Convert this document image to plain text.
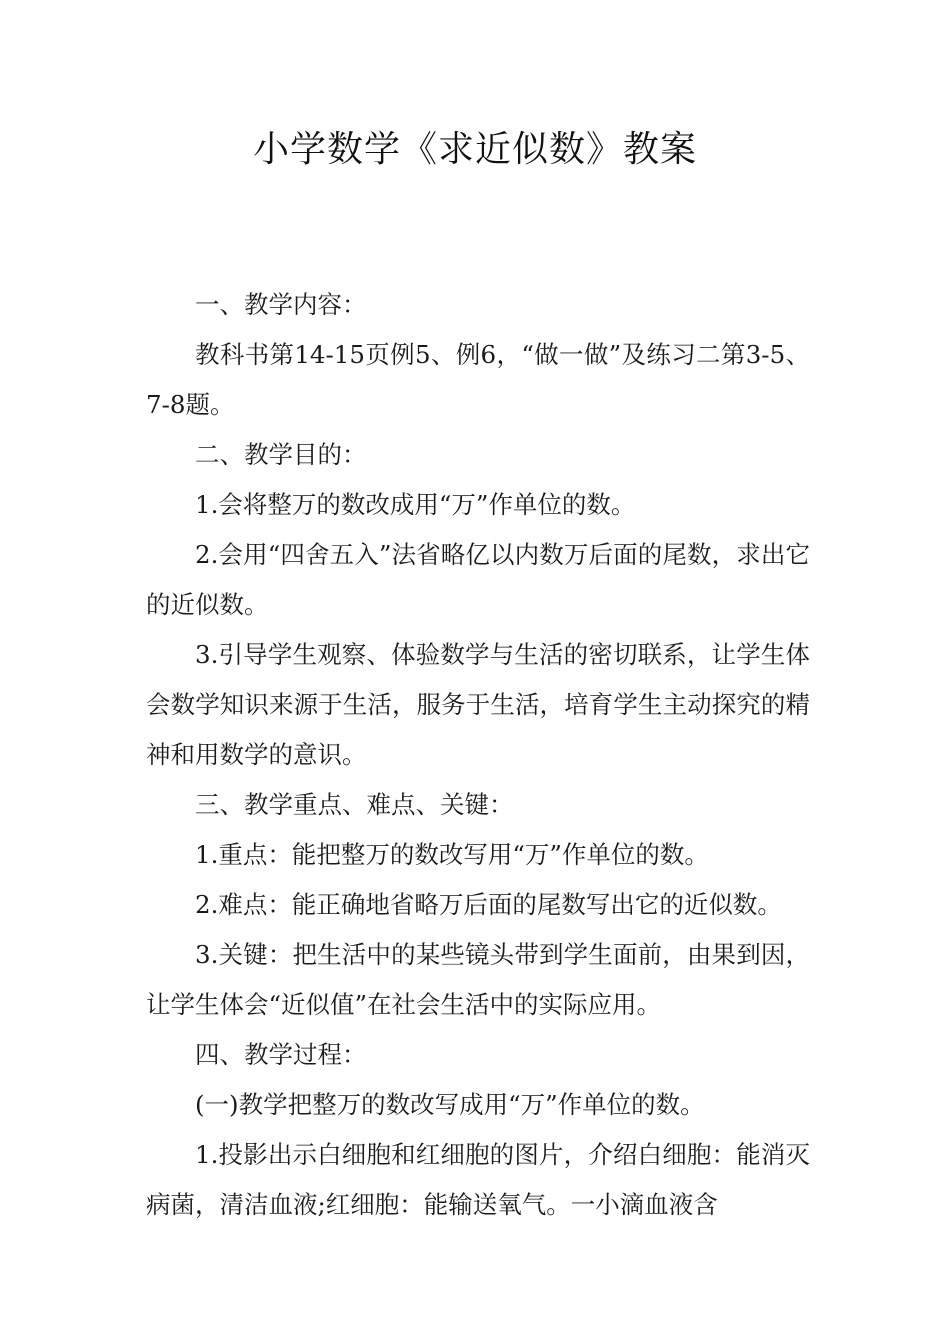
小学数学《求近似数》教案

一、教学内容：

教科书第14-15页例5、例6，“做一做”及练习二第3-5、7-8题。

二、教学目的：

1.会将整万的数改成用“万”作单位的数。

2.会用“四舍五入”法省略亿以内数万后面的尾数，求出它的近似数。

3.引导学生观察、体验数学与生活的密切联系，让学生体会数学知识来源于生活，服务于生活，培育学生主动探究的精神和用数学的意识。

三、教学重点、难点、关键：

1.重点：能把整万的数改写用“万”作单位的数。

2.难点：能正确地省略万后面的尾数写出它的近似数。

3.关键：把生活中的某些镜头带到学生面前，由果到因，让学生体会“近似值”在社会生活中的实际应用。

四、教学过程：

(一)教学把整万的数改写成用“万”作单位的数。

1.投影出示白细胞和红细胞的图片，介绍白细胞：能消灭病菌，清洁血液;红细胞：能输送氧气。一小滴血液含
